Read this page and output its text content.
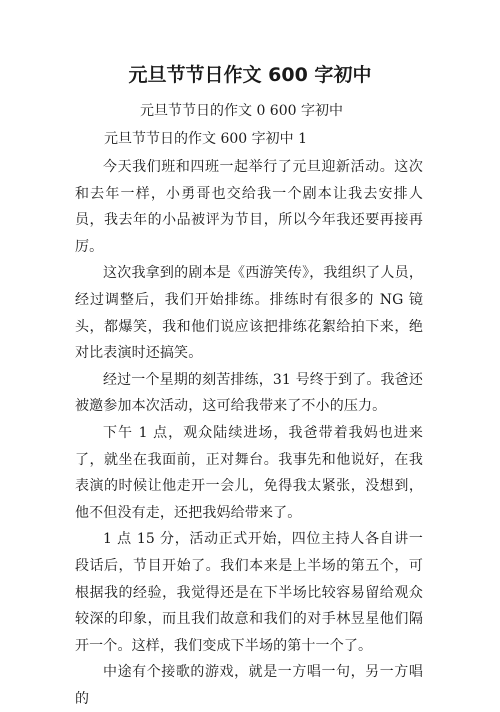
元旦节节日作文 600 字初中
元旦节节日的作文 0 600 字初中
元旦节节日的作文 600 字初中 1

今天我们班和四班一起举行了元旦迎新活动。这次和去年一样，小勇哥也交给我一个剧本让我去安排人员，我去年的小品被评为节目，所以今年我还要再接再厉。

这次我拿到的剧本是《西游笑传》，我组织了人员，经过调整后，我们开始排练。排练时有很多的 NG 镜头，都爆笑，我和他们说应该把排练花絮给拍下来，绝对比表演时还搞笑。

经过一个星期的刻苦排练，31 号终于到了。我爸还被邀参加本次活动，这可给我带来了不小的压力。

下午 1 点，观众陆续进场，我爸带着我妈也进来了，就坐在我面前，正对舞台。我事先和他说好，在我表演的时候让他走开一会儿，免得我太紧张，没想到，他不但没有走，还把我妈给带来了。

1 点 15 分，活动正式开始，四位主持人各自讲一段话后，节目开始了。我们本来是上半场的第五个，可根据我的经验，我觉得还是在下半场比较容易留给观众较深的印象，而且我们故意和我们的对手林昱星他们隔开一个。这样，我们变成下半场的第十一个了。

中途有个接歌的游戏，就是一方唱一句，另一方唱的
